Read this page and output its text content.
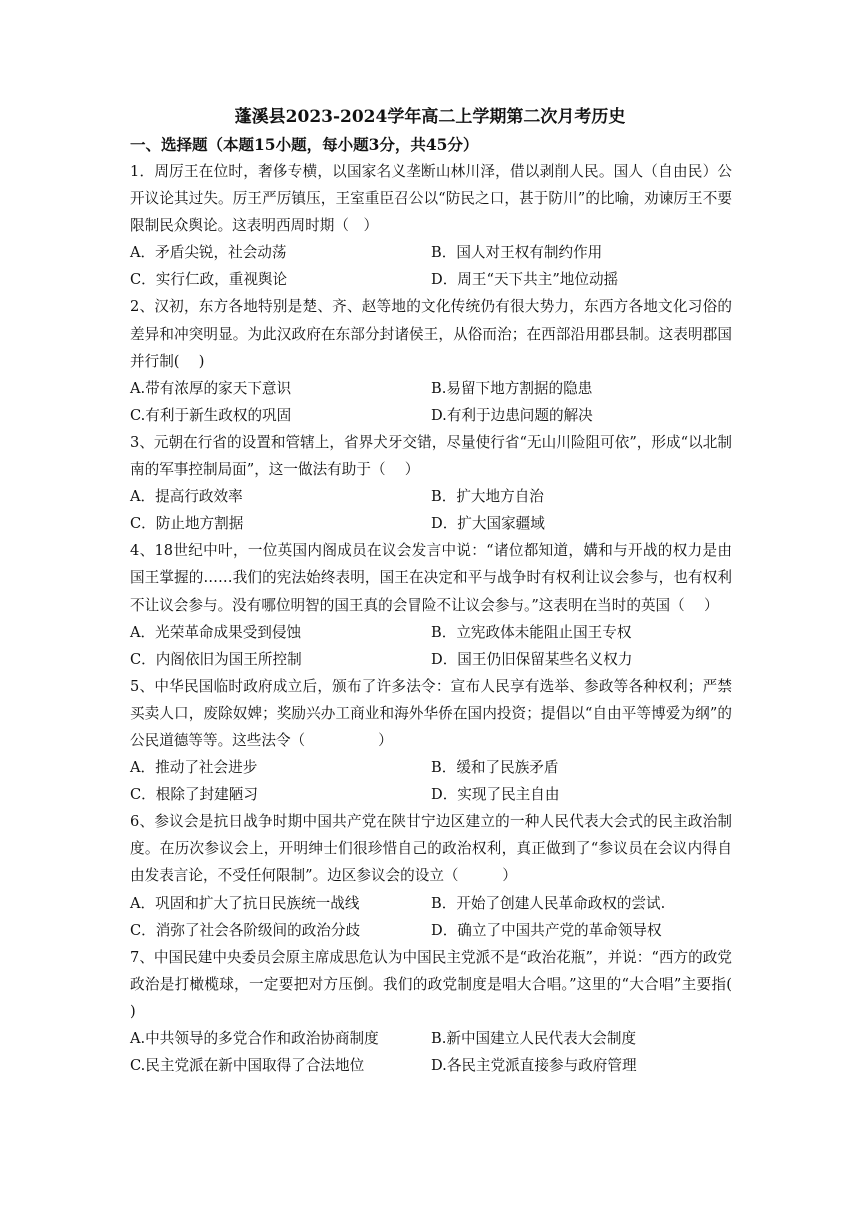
蓬溪县2023-2024学年高二上学期第二次月考历史
一、选择题（本题15小题，每小题3分，共45分）
1．周厉王在位时，奢侈专横，以国家名义垄断山林川泽，借以剥削人民。国人（自由民）公开议论其过失。厉王严厉镇压，王室重臣召公以“防民之口，甚于防川”的比喻，劝谏厉王不要限制民众舆论。这表明西周时期（　）
A．矛盾尖锐，社会动荡	B．国人对王权有制约作用
C．实行仁政，重视舆论	D．周王“天下共主”地位动摇
2、汉初，东方各地特别是楚、齐、赵等地的文化传统仍有很大势力，东西方各地文化习俗的差异和冲突明显。为此汉政府在东部分封诸侯王，从俗而治；在西部沿用郡县制。这表明郡国并行制(　 )
A.带有浓厚的家天下意识	B.易留下地方割据的隐患
C.有利于新生政权的巩固	D.有利于边患问题的解决
3、元朝在行省的设置和管辖上，省界犬牙交错，尽量使行省“无山川险阻可依”，形成“以北制南的军事控制局面”，这一做法有助于（　 ）
A．提高行政效率	B．扩大地方自治
C．防止地方割据	D．扩大国家疆域
4、18世纪中叶，一位英国内阁成员在议会发言中说：“诸位都知道，媾和与开战的权力是由国王掌握的……我们的宪法始终表明，国王在决定和平与战争时有权利让议会参与，也有权利不让议会参与。没有哪位明智的国王真的会冒险不让议会参与。”这表明在当时的英国（　 ）
A．光荣革命成果受到侵蚀	B．立宪政体未能阻止国王专权
C．内阁依旧为国王所控制	D．国王仍旧保留某些名义权力
5、中华民国临时政府成立后，颁布了许多法令：宣布人民享有选举、参政等各种权利；严禁买卖人口，废除奴婢；奖励兴办工商业和海外华侨在国内投资；提倡以“自由平等博爱为纲”的公民道德等等。这些法令（　　　　　）
A．推动了社会进步	B．缓和了民族矛盾
C．根除了封建陋习	D．实现了民主自由
6、参议会是抗日战争时期中国共产党在陕甘宁边区建立的一种人民代表大会式的民主政治制度。在历次参议会上，开明绅士们很珍惜自己的政治权利，真正做到了“参议员在会议内得自由发表言论，不受任何限制”。边区参议会的设立（　　　）
A．巩固和扩大了抗日民族统一战线	B．开始了创建人民革命政权的尝试.
C．消弥了社会各阶级间的政治分歧	D．确立了中国共产党的革命领导权
7、中国民建中央委员会原主席成思危认为中国民主党派不是“政治花瓶”，并说：“西方的政党政治是打橄榄球，一定要把对方压倒。我们的政党制度是唱大合唱。”这里的“大合唱”主要指(　 )
A.中共领导的多党合作和政治协商制度	B.新中国建立人民代表大会制度
C.民主党派在新中国取得了合法地位	D.各民主党派直接参与政府管理
